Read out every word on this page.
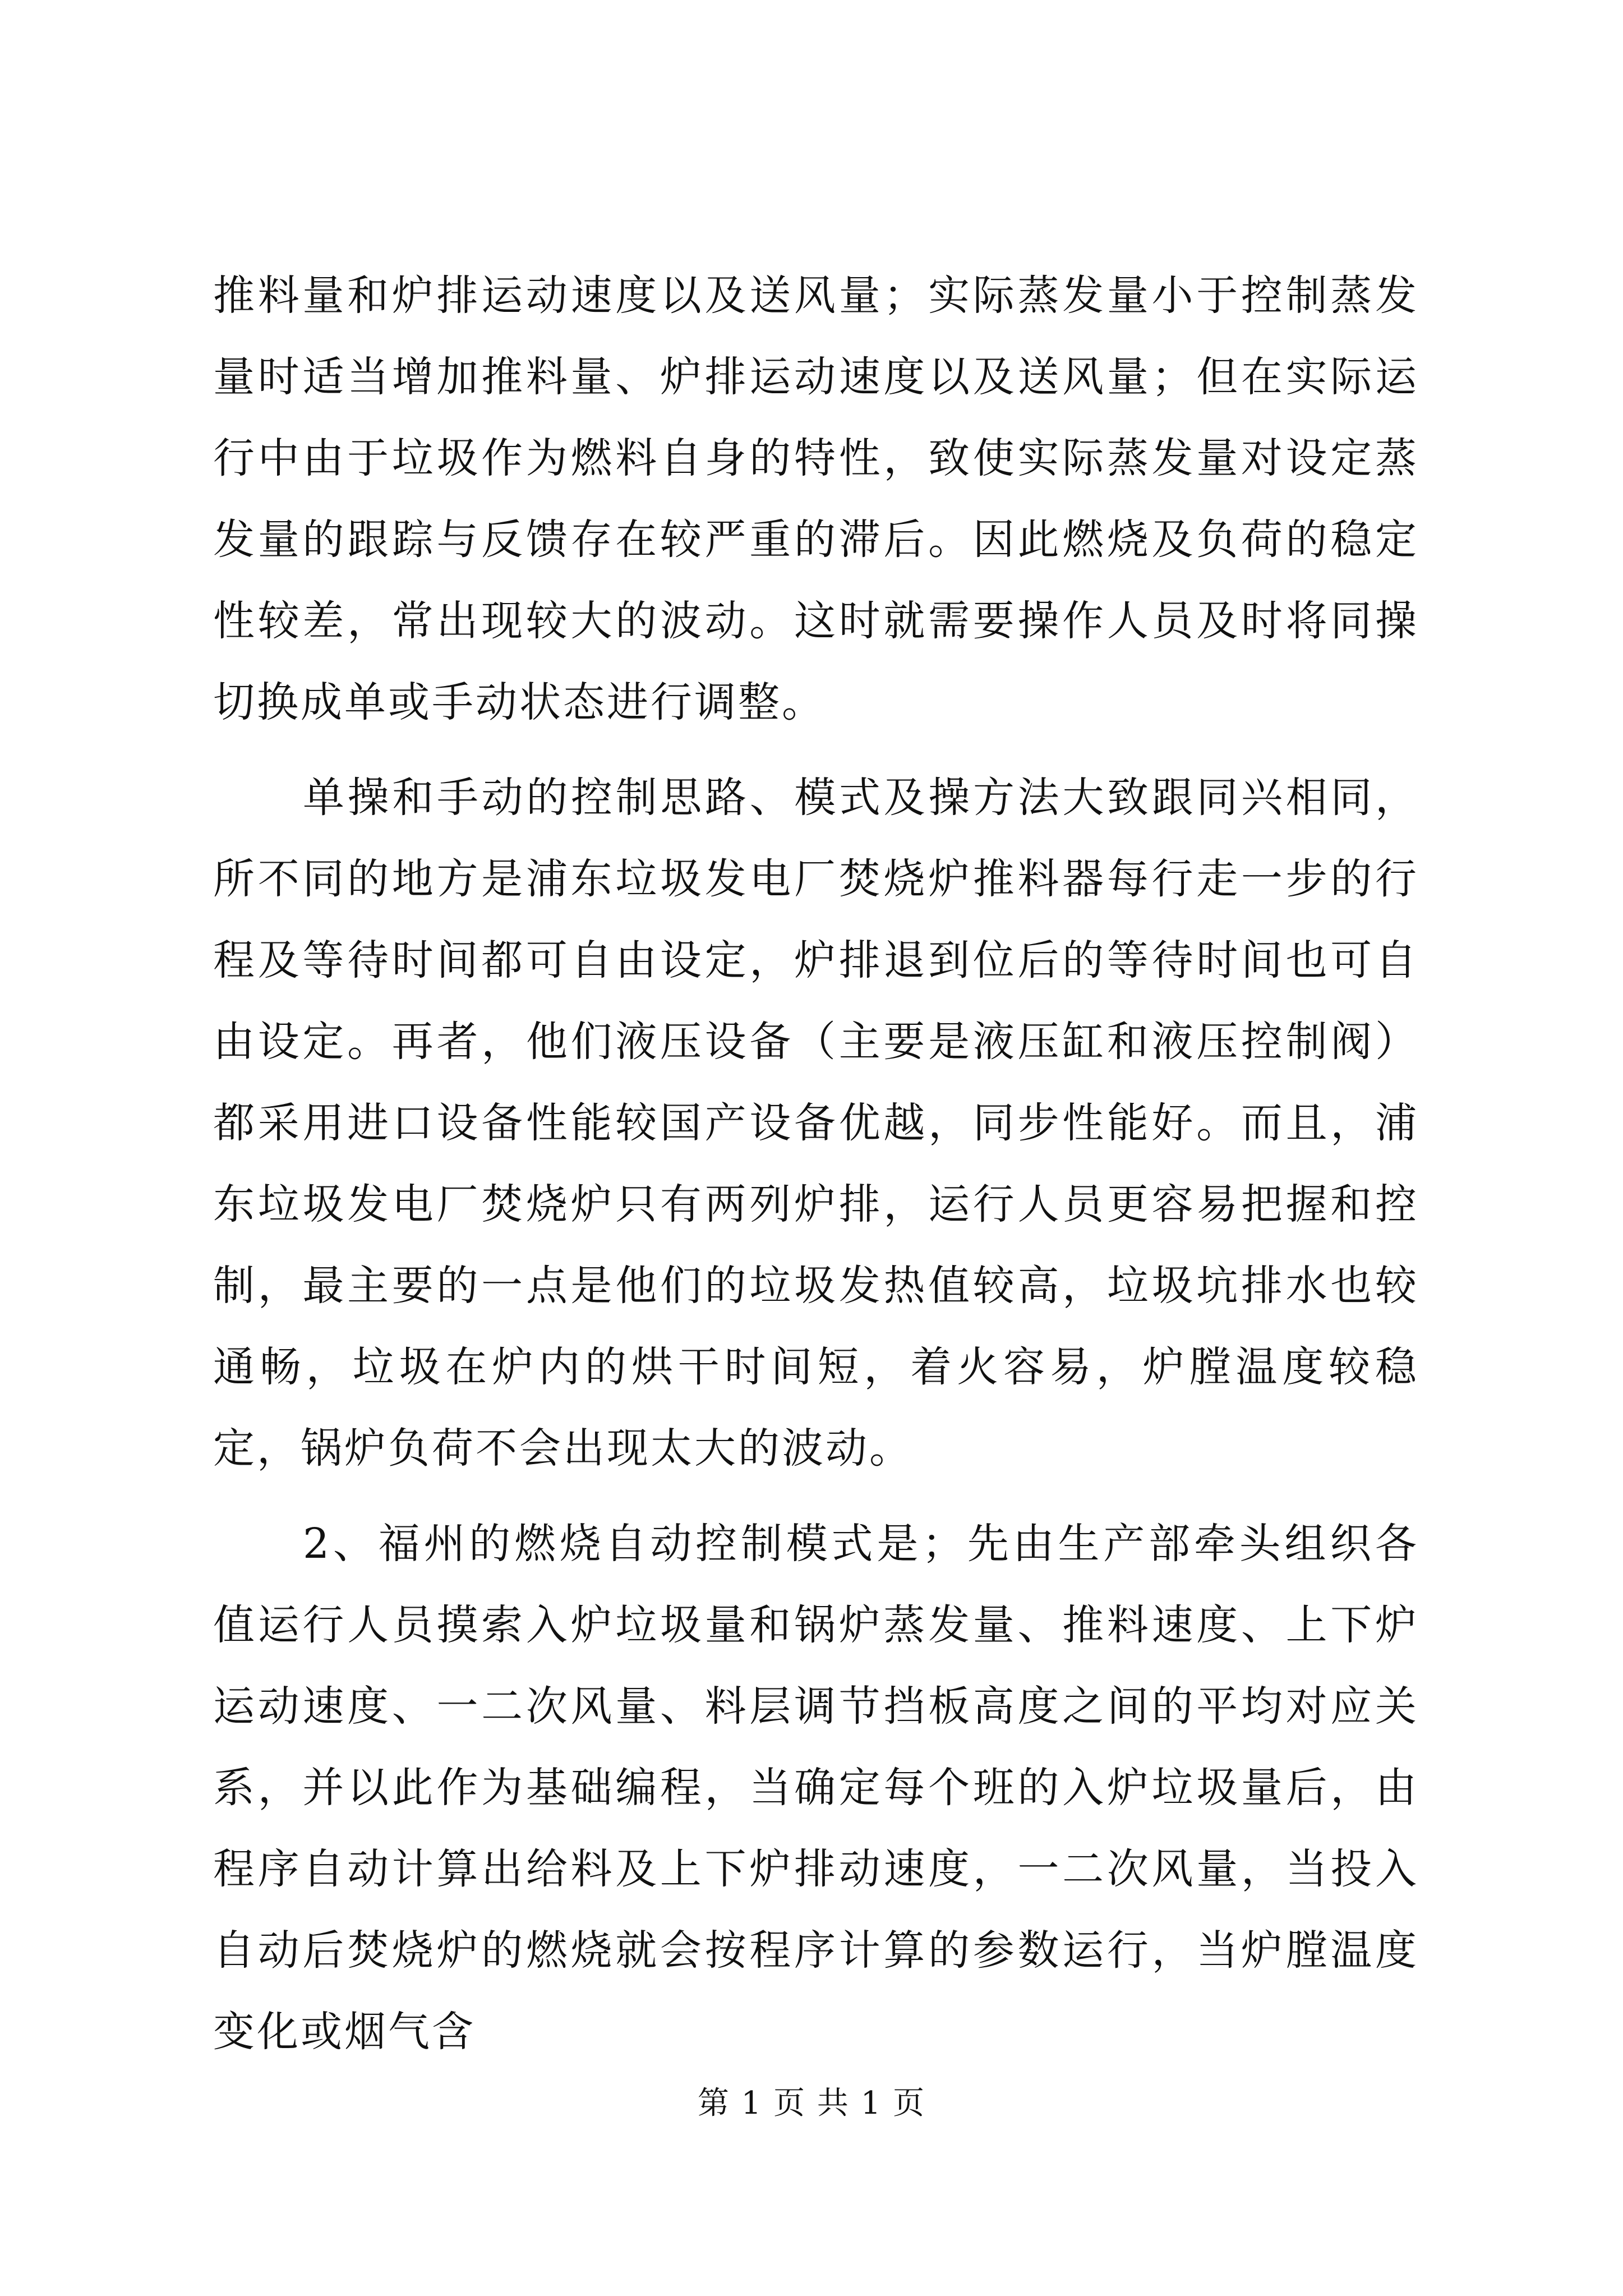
推料量和炉排运动速度以及送风量；实际蒸发量小于控制蒸发量时适当增加推料量、炉排运动速度以及送风量；但在实际运行中由于垃圾作为燃料自身的特性，致使实际蒸发量对设定蒸发量的跟踪与反馈存在较严重的滞后。因此燃烧及负荷的稳定性较差，常出现较大的波动。这时就需要操作人员及时将同操切换成单或手动状态进行调整。

单操和手动的控制思路、模式及操方法大致跟同兴相同，所不同的地方是浦东垃圾发电厂焚烧炉推料器每行走一步的行程及等待时间都可自由设定，炉排退到位后的等待时间也可自由设定。再者，他们液压设备（主要是液压缸和液压控制阀）都采用进口设备性能较国产设备优越，同步性能好。而且，浦东垃圾发电厂焚烧炉只有两列炉排，运行人员更容易把握和控制，最主要的一点是他们的垃圾发热值较高，垃圾坑排水也较通畅，垃圾在炉内的烘干时间短，着火容易，炉膛温度较稳定，锅炉负荷不会出现太大的波动。

2、福州的燃烧自动控制模式是；先由生产部牵头组织各值运行人员摸索入炉垃圾量和锅炉蒸发量、推料速度、上下炉运动速度、一二次风量、料层调节挡板高度之间的平均对应关系，并以此作为基础编程，当确定每个班的入炉垃圾量后，由程序自动计算出给料及上下炉排动速度，一二次风量，当投入自动后焚烧炉的燃烧就会按程序计算的参数运行，当炉膛温度变化或烟气含

第 1 页 共 1 页
